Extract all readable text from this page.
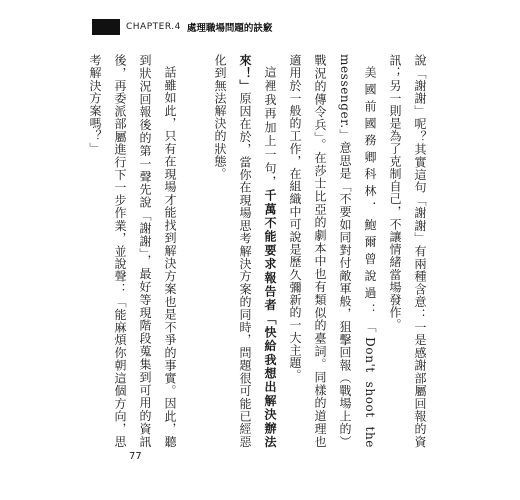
CHAPTER.4 處理職場問題的訣竅

說「謝謝」呢？其實這句「謝謝」有兩種含意：一是感謝部屬回報的資訊；另一則是為了克制自己，不讓情緒當場發作。

美國前國務卿科林．鮑爾曾說過：「Don't shoot the messenger.」意思是「不要如同對付敵軍般，狙擊回報（戰場上的）戰況的傳令兵」。在莎士比亞的劇本中也有類似的臺詞。同樣的道理也適用於一般的工作，在組織中可說是歷久彌新的一大主題。

這裡我再加上一句，千萬不能要求報告者「快給我想出解決辦法來！」原因在於，當你在現場思考解決方案的同時，問題很可能已經惡化到無法解決的狀態。

話雖如此，只有在現場才能找到解決方案也是不爭的事實。因此，聽到狀況回報後的第一聲先說「謝謝」，最好等現階段蒐集到可用的資訊後，再委派部屬進行下一步作業，並說聲：「能麻煩你朝這個方向，思考解決方案嗎？」

77
